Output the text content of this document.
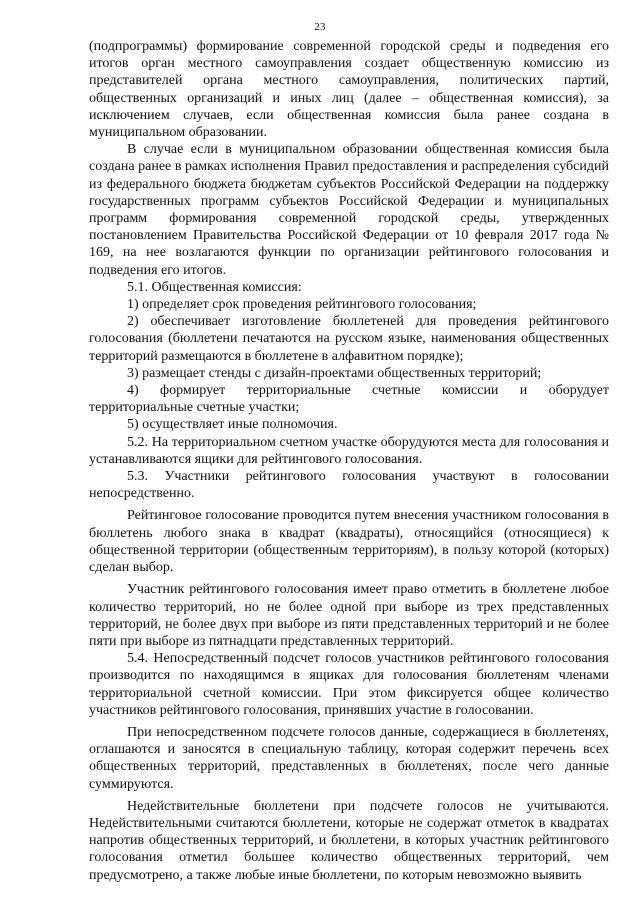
23

(подпрограммы) формирование современной городской среды и подведения его итогов орган местного самоуправления создает общественную комиссию из представителей органа местного самоуправления, политических партий, общественных организаций и иных лиц (далее – общественная комиссия), за исключением случаев, если общественная комиссия была ранее создана в муниципальном образовании.

В случае если в муниципальном образовании общественная комиссия была создана ранее в рамках исполнения Правил предоставления и распределения субсидий из федерального бюджета бюджетам субъектов Российской Федерации на поддержку государственных программ субъектов Российской Федерации и муниципальных программ формирования современной городской среды, утвержденных постановлением Правительства Российской Федерации от 10 февраля 2017 года № 169, на нее возлагаются функции по организации рейтингового голосования и подведения его итогов.

5.1. Общественная комиссия:

1) определяет срок проведения рейтингового голосования;

2) обеспечивает изготовление бюллетеней для проведения рейтингового голосования (бюллетени печатаются на русском языке, наименования общественных территорий размещаются в бюллетене в алфавитном порядке);

3) размещает стенды с дизайн-проектами общественных территорий;

4) формирует территориальные счетные комиссии и оборудует территориальные счетные участки;

5) осуществляет иные полномочия.

5.2. На территориальном счетном участке оборудуются места для голосования и устанавливаются ящики для рейтингового голосования.

5.3. Участники рейтингового голосования участвуют в голосовании непосредственно.

Рейтинговое голосование проводится путем внесения участником голосования в бюллетень любого знака в квадрат (квадраты), относящийся (относящиеся) к общественной территории (общественным территориям), в пользу которой (которых) сделан выбор.

Участник рейтингового голосования имеет право отметить в бюллетене любое количество территорий, но не более одной при выборе из трех представленных территорий, не более двух при выборе из пяти представленных территорий и не более пяти при выборе из пятнадцати представленных территорий.

5.4. Непосредственный подсчет голосов участников рейтингового голосования производится по находящимся в ящиках для голосования бюллетеням членами территориальной счетной комиссии. При этом фиксируется общее количество участников рейтингового голосования, принявших участие в голосовании.

При непосредственном подсчете голосов данные, содержащиеся в бюллетенях, оглашаются и заносятся в специальную таблицу, которая содержит перечень всех общественных территорий, представленных в бюллетенях, после чего данные суммируются.

Недействительные бюллетени при подсчете голосов не учитываются. Недействительными считаются бюллетени, которые не содержат отметок в квадратах напротив общественных территорий, и бюллетени, в которых участник рейтингового голосования отметил большее количество общественных территорий, чем предусмотрено, а также любые иные бюллетени, по которым невозможно выявить
